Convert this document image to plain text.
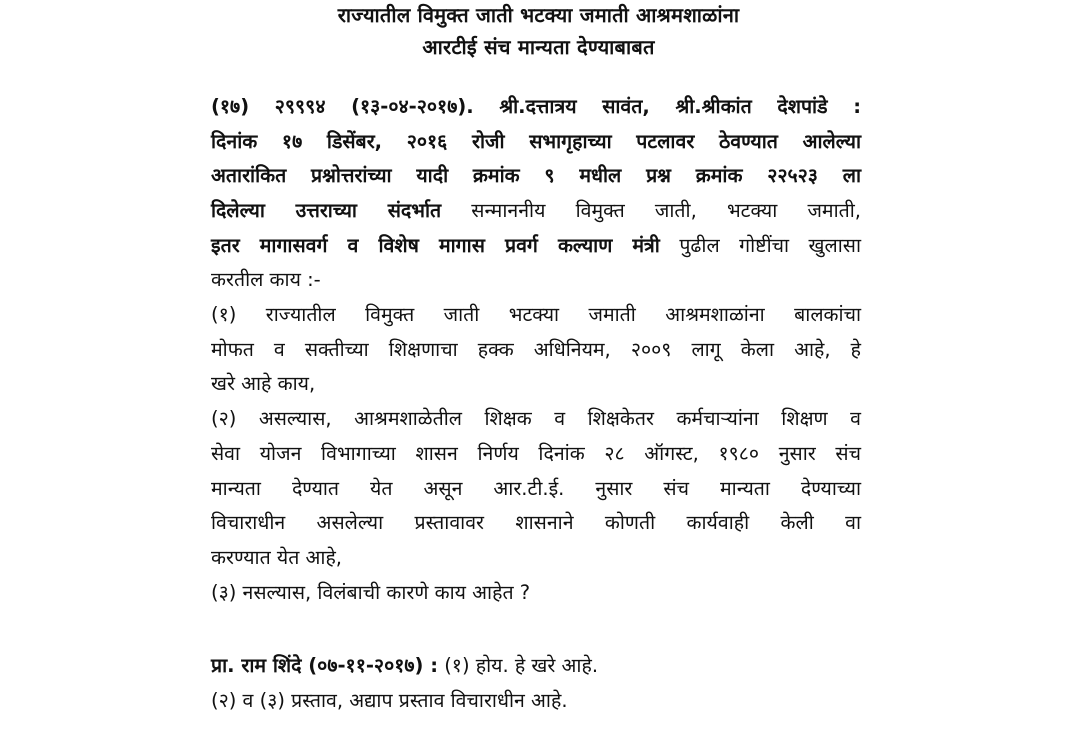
राज्यातील विमुक्त जाती भटक्या जमाती आश्रमशाळांना
आरटीई संच मान्यता देण्याबाबत
(१७) २९९९४ (१३-०४-२०१७). श्री.दत्तात्रय सावंत, श्री.श्रीकांत देशपांडे :
दिनांक १७ डिसेंबर, २०१६ रोजी सभागृहाच्या पटलावर ठेवण्यात आलेल्या
अतारांकित प्रश्नोत्तरांच्या यादी क्रमांक ९ मधील प्रश्न क्रमांक २२५२३ ला
दिलेल्या उत्तराच्या संदर्भात सन्माननीय विमुक्त जाती, भटक्या जमाती,
इतर मागासवर्ग व विशेष मागास प्रवर्ग कल्याण मंत्री पुढील गोष्टींचा खुलासा
करतील काय :-
(१) राज्यातील विमुक्त जाती भटक्या जमाती आश्रमशाळांना बालकांचा
मोफत व सक्तीच्या शिक्षणाचा हक्क अधिनियम, २००९ लागू केला आहे, हे
खरे आहे काय,
(२) असल्यास, आश्रमशाळेतील शिक्षक व शिक्षकेतर कर्मचाऱ्यांना शिक्षण व
सेवा योजन विभागाच्या शासन निर्णय दिनांक २८ ऑगस्ट, १९८० नुसार संच
मान्यता देण्यात येत असून आर.टी.ई. नुसार संच मान्यता देण्याच्या
विचाराधीन असलेल्या प्रस्तावावर शासनाने कोणती कार्यवाही केली वा
करण्यात येत आहे,
(३) नसल्यास, विलंबाची कारणे काय आहेत ?
प्रा. राम शिंदे (०७-११-२०१७) : (१) होय. हे खरे आहे.
(२) व (३) प्रस्ताव, अद्याप प्रस्ताव विचाराधीन आहे.
